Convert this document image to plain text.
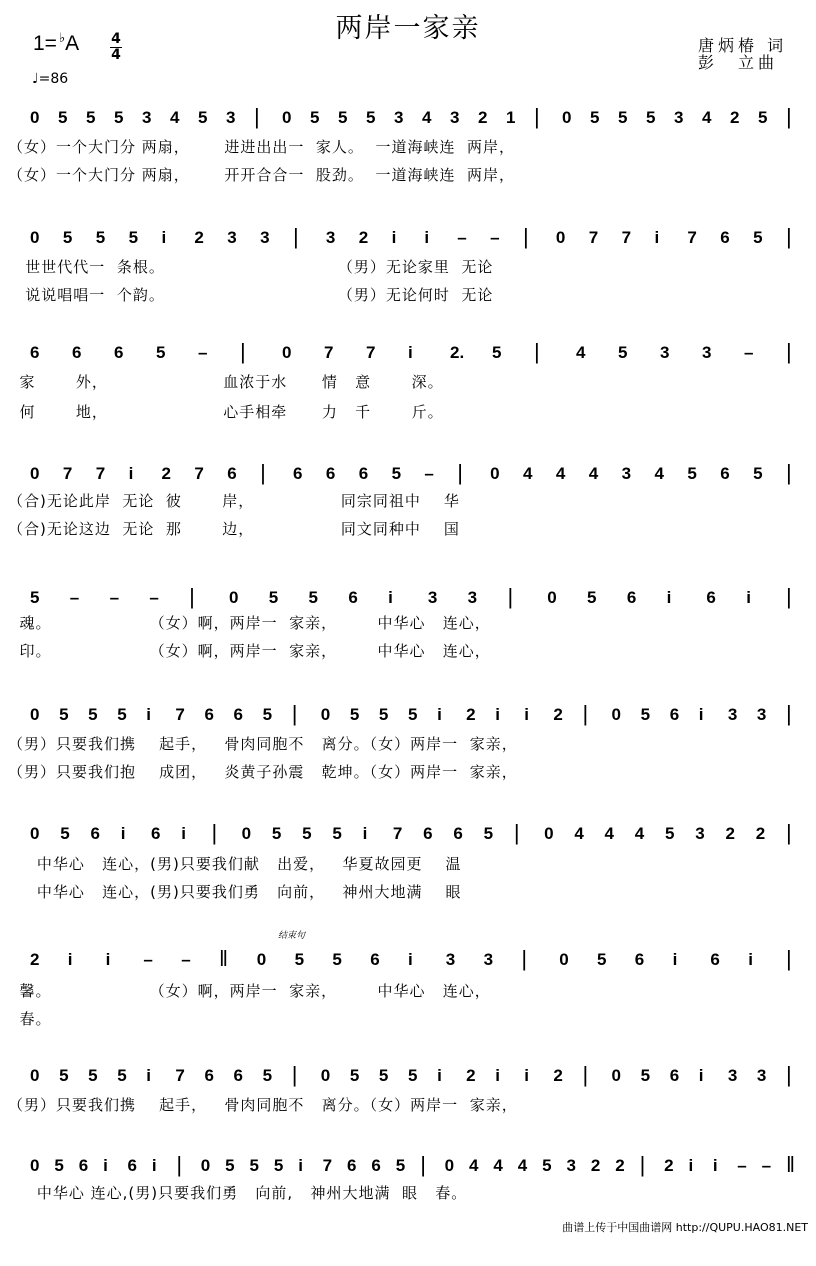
两岸一家亲
1= ♭A 4
4
♩=86
唐炳椿 词
彭　立曲
0 5 5 5 3 4 5 3 | 0 5 5 5 3 4 3 2 1 | 0 5 5 5 3 4 2 5 |
（女）一个大门分 两扇，      进进出出一  家人。  一道海峡连  两岸，
（女）一个大门分 两扇，      开开合合一  股劲。  一道海峡连  两岸，
0 5 5 5 i 2 3 3 | 3 2 i i – – | 0 7 7 i 7 6 5 |
世世代代一  条根。                              （男）无论家里  无论
说说唱唱一  个韵。                              （男）无论何时  无论
6 6 6 5 – | 0 7 7 i 2. 5 | 4 5 3 3 – |
家       外，                    血浓于水      情   意       深。
何       地，                    心手相牵      力   千       斤。
0 7 7 i 2 7 6 | 6 6 6 5 – | 0 4 4 4 3 4 5 6 5 |
（合)无论此岸  无论  彼       岸，               同宗同祖中    华
（合)无论这边  无论  那       边，               同文同种中    国
5 – – – | 0 5 5 6 i 3 3 | 0 5 6 i 6 i |
魂。                 （女）啊，两岸一  家亲，       中华心   连心，
印。                 （女）啊，两岸一  家亲，       中华心   连心，
0 5 5 5 i 7 6 6 5 | 0 5 5 5 i 2 i i 2 | 0 5 6 i 3 3 |
（男）只要我们携    起手，   骨肉同胞不   离分。（女）两岸一  家亲，
（男）只要我们抱    成团，   炎黄子孙震   乾坤。（女）两岸一  家亲，
0 5 6 i 6 i | 0 5 5 5 i 7 6 6 5 | 0 4 4 4 5 3 2 2 |
中华心   连心，(男)只要我们献   出爱，   华夏故园更    温
中华心   连心，(男)只要我们勇   向前，   神州大地满    眼
2 i i – – ‖ 0 5 5 6 i 3 3 | 0 5 6 i 6 i |
馨。                 （女）啊，两岸一  家亲，       中华心   连心，
春。
0 5 5 5 i 7 6 6 5 | 0 5 5 5 i 2 i i 2 | 0 5 6 i 3 3 |
（男）只要我们携    起手，   骨肉同胞不   离分。（女）两岸一  家亲，
0 5 6 i 6 i | 0 5 5 5 i 7 6 6 5 | 0 4 4 4 5 3 2 2 | 2 i i – – ‖
中华心 连心,(男)只要我们勇   向前,   神州大地满  眼   春。
结束句
曲谱上传于中国曲谱网 http://QUPU.HAO81.NET
